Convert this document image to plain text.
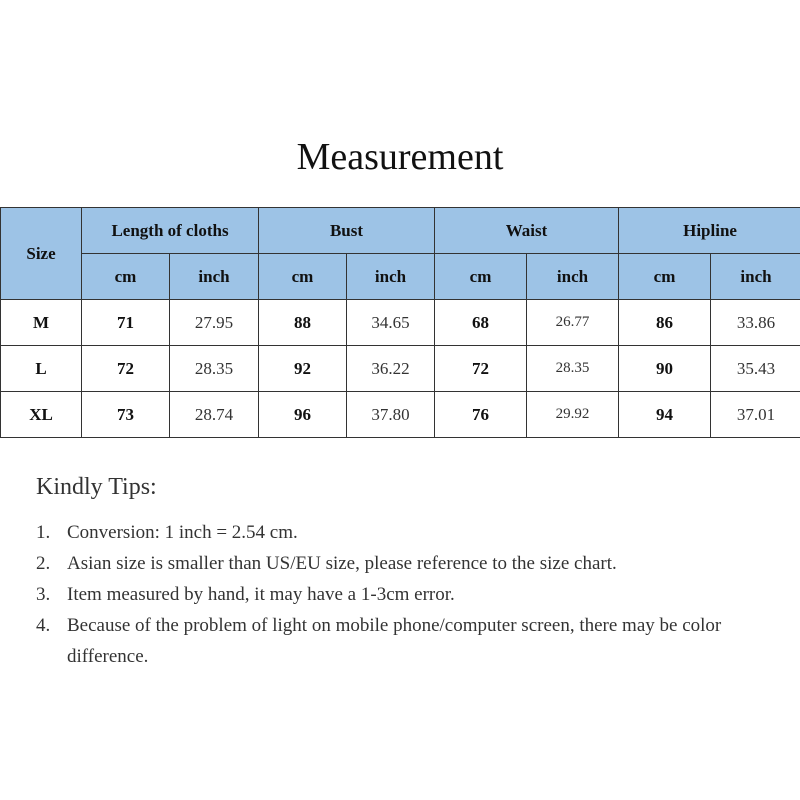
Measurement
Size	Length of cloths		Bust		Waist		Hipline	
	cm	inch	cm	inch	cm	inch	cm	inch
M	71	27.95	88	34.65	68	26.77	86	33.86
L	72	28.35	92	36.22	72	28.35	90	35.43
XL	73	28.74	96	37.80	76	29.92	94	37.01
Kindly Tips:
1. Conversion: 1 inch = 2.54 cm.
2. Asian size is smaller than US/EU size, please reference to the size chart.
3. Item measured by hand, it may have a 1-3cm error.
4. Because of the problem of light on mobile phone/computer screen, there may be color difference.
